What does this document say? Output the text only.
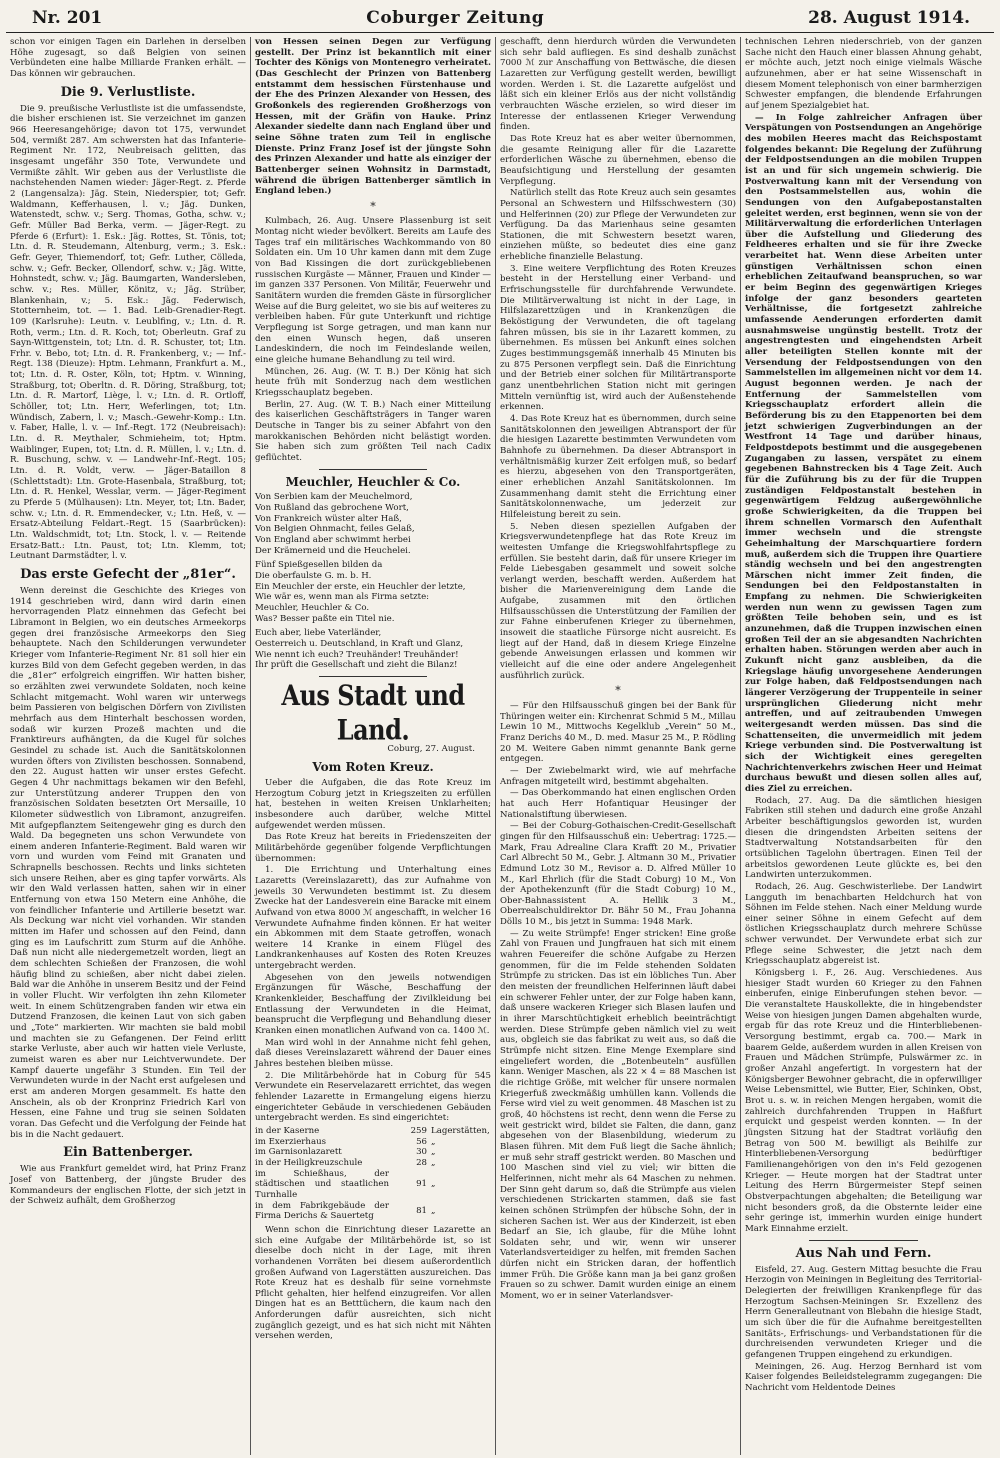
Nr. 201	Coburger Zeitung	28. August 1914.

schon vor einigen Tagen ein Darlehen in derselben Höhe zugesagt, so daß Belgien von seinen Verbündeten eine halbe Milliarde Franken erhält. — Das können wir gebrauchen.

Die 9. Verlustliste.

Die 9. preußische Verlustliste ist die umfassendste, die bisher erschienen ist. Sie verzeichnet im ganzen 966 Heeresangehörige; davon tot 175, verwundet 504, vermißt 287. Am schwersten hat das Infanterie-Regiment Nr. 172, Neubreisach gelitten, das insgesamt ungefähr 350 Tote, Verwundete und Vermißte zählt. Wir geben aus der Verlustliste die nachstehenden Namen wieder: Jäger-Regt. z. Pferde 2 (Langensalza): Jäg. Stein, Niederspier, tot; Gefr. Waldmann, Kefferhausen, l. v.; Jäg. Dunken, Watenstedt, schw. v.; Serg. Thomas, Gotha, schw. v.; Gefr. Müller Bad Berka, verm. — Jäger-Regt. zu Pferde 6 (Erfurt): 1. Esk.: Jäg. Rottes, St. Tönis, tot; Ltn. d. R. Steudemann, Altenburg, verm.; 3. Esk.: Gefr. Geyer, Thiemendorf, tot; Gefr. Luther, Cölleda, schw. v.; Gefr. Becker, Ollendorf, schw. v.; Jäg. Witte, Hohnstedt, schw. v.; Jäg. Baumgarten, Wandersleben, schw. v.; Res. Müller, Könitz, v.; Jäg. Strüber, Blankenhain, v.; 5. Esk.: Jäg. Federwisch, Stotternheim, tot. — 1. Bad. Leib-Grenadier-Regt. 109 (Karlsruhe): Leutn. v. Leublfing, v.; Ltn. d. R. Roth, verm.; Ltn. d. R. Koch, tot; Oberleutn. Graf zu Sayn-Wittgenstein, tot; Ltn. d. R. Schuster, tot; Ltn. Frhr. v. Bebo, tot; Ltn. d. R. Frankenberg, v.; — Inf.-Regt. 138 (Dieuze): Hptm. Lehmann, Frankfurt a. M., tot; Ltn. d. R. Oster, Köln, tot; Hptm. v. Winning, Straßburg, tot; Oberltn. d. R. Döring, Straßburg, tot; Ltn. d. R. Martorf, Liège, l. v.; Ltn. d. R. Ortloff, Schöller, tot; Ltn. Herr, Weferlingen, tot; Ltn. Wündisch, Zabern, l. v.; Masch.-Gewehr-Komp.: Ltn. v. Faber, Halle, l. v. — Inf.-Regt. 172 (Neubreisach): Ltn. d. R. Meythaler, Schmieheim, tot; Hptm. Waiblinger, Eupen, tot; Ltn. d. R. Müllen, l. v.; Ltn. d. R. Buschung, schw. v. — Landwehr-Inf.-Regt. 105; Ltn. d. R. Voldt, verw. — Jäger-Bataillon 8 (Schlettstadt): Ltn. Grote-Hasenbala, Straßburg, tot; Ltn. d. R. Henkel, Wesslar, verm. — Jäger-Regiment zu Pferde 5 (Mülhausen): Ltn. Meyer, tot; Ltn. Bader, schw. v.; Ltn. d. R. Emmendecker, v.; Ltn. Heß, v. — Ersatz-Abteilung Feldart.-Regt. 15 (Saarbrücken): Ltn. Waldschmidt, tot; Ltn. Stock, l. v. — Reitende Ersatz-Batt.: Ltn. Paust, tot; Ltn. Klemm, tot; Leutnant Darmstädter, l. v.

Das erste Gefecht der „81er“.

Wenn dereinst die Geschichte des Krieges von 1914 geschrieben wird, dann wird darin einen hervorragenden Platz einnehmen das Gefecht bei Libramont in Belgien, wo ein deutsches Armeekorps gegen drei französische Armeekorps den Sieg behauptete. Nach den Schilderungen verwundeter Krieger vom Infanterie-Regiment Nr. 81 soll hier ein kurzes Bild von dem Gefecht gegeben werden, in das die „81er“ erfolgreich eingriffen. Wir hatten bisher, so erzählten zwei verwundete Soldaten, noch keine Schlacht mitgemacht. Wohl waren wir unterwegs beim Passieren von belgischen Dörfern von Zivilisten mehrfach aus dem Hinterhalt beschossen worden, sodaß wir kurzen Prozeß machten und die Franktireurs aufhängten, da die Kugel für solches Gesindel zu schade ist. Auch die Sanitätskolonnen wurden öfters von Zivilisten beschossen. Sonnabend, den 22. August hatten wir unser erstes Gefecht. Gegen 4 Uhr nachmittags bekamen wir den Befehl, zur Unterstützung anderer Truppen den von französischen Soldaten besetzten Ort Mersaille, 10 Kilometer südwestlich von Libramont, anzugreifen. Mit aufgepflanztem Seitengewehr ging es durch den Wald. Da begegneten uns schon Verwundete von einem anderen Infanterie-Regiment. Bald waren wir vorn und wurden vom Feind mit Granaten und Schrapnells beschossen. Rechts und links sichteten sich unsere Reihen, aber es ging tapfer vorwärts. Als wir den Wald verlassen hatten, sahen wir in einer Entfernung von etwa 150 Metern eine Anhöhe, die von feindlicher Infanterie und Artillerie besetzt war. Als Deckung war nicht viel vorhanden. Wir standen mitten im Hafer und schossen auf den Feind, dann ging es im Laufschritt zum Sturm auf die Anhöhe. Daß nun nicht alle niedergemetzelt worden, liegt an dem schlechten Schießen der Franzosen, die wohl häufig blind zu schießen, aber nicht dabei zielen. Bald war die Anhöhe in unserem Besitz und der Feind in voller Flucht. Wir verfolgten ihn zehn Kilometer weit. In einem Schützengraben fanden wir etwa ein Dutzend Franzosen, die keinen Laut von sich gaben und „Tote“ markierten. Wir machten sie bald mobil und machten sie zu Gefangenen. Der Feind erlitt starke Verluste, aber auch wir hatten viele Verluste, zumeist waren es aber nur Leichtverwundete. Der Kampf dauerte ungefähr 3 Stunden. Ein Teil der Verwundeten wurde in der Nacht erst aufgelesen und erst am anderen Morgen gesammelt. Es hatte den Anschein, als ob der Kronprinz Friedrich Karl von Hessen, eine Fahne und trug sie seinen Soldaten voran. Das Gefecht und die Verfolgung der Feinde hat bis in die Nacht gedauert.

Ein Battenberger.

Wie aus Frankfurt gemeldet wird, hat Prinz Franz Josef von Battenberg, der jüngste Bruder des Kommandeurs der englischen Flotte, der sich jetzt in der Schweiz aufhält, dem Großherzog

von Hessen seinen Degen zur Verfügung gestellt. Der Prinz ist bekanntlich mit einer Tochter des Königs von Montenegro verheiratet. (Das Geschlecht der Prinzen von Battenberg entstammt dem hessischen Fürstenhause und der Ehe des Prinzen Alexander von Hessen, des Großonkels des regierenden Großherzogs von Hessen, mit der Gräfin von Hauke. Prinz Alexander siedelte dann nach England über und seine Söhne traten zum Teil in englische Dienste. Prinz Franz Josef ist der jüngste Sohn des Prinzen Alexander und hatte als einziger der Battenberger seinen Wohnsitz in Darmstadt, während die übrigen Battenberger sämtlich in England leben.)

*

Kulmbach, 26. Aug. Unsere Plassenburg ist seit Montag nicht wieder bevölkert. Bereits am Laufe des Tages traf ein militärisches Wachkommando von 80 Soldaten ein. Um 10 Uhr kamen dann mit dem Zuge von Bad Kissingen die dort zurückgebliebenen russischen Kurgäste — Männer, Frauen und Kinder — im ganzen 337 Personen. Von Militär, Feuerwehr und Sanitätern wurden die fremden Gäste in fürsorglicher Weise auf die Burg geleitet, wo sie bis auf weiteres zu verbleiben haben. Für gute Unterkunft und richtige Verpflegung ist Sorge getragen, und man kann nur den einen Wunsch hegen, daß unseren Landeskindern, die noch im Feindeslande weilen, eine gleiche humane Behandlung zu teil wird.

München, 26. Aug. (W. T. B.) Der König hat sich heute früh mit Sonderzug nach dem westlichen Kriegsschauplatz begeben.

Berlin, 27. Aug. (W. T. B.) Nach einer Mitteilung des kaiserlichen Geschäftsträgers in Tanger waren Deutsche in Tanger bis zu seiner Abfahrt von den marokkanischen Behörden nicht belästigt worden. Sie haben sich zum größten Teil nach Cadix geflüchtet.

Meuchler, Heuchler & Co.

Von Serbien kam der Meuchelmord,

Von Rußland das gebrochene Wort,

Von Frankreich wüster alter Haß,

Von Belgien Ohnmacht, feiles Gelaß,

Von England aber schwimmt herbei

Der Krämerneid und die Heuchelei.

Fünf Spießgesellen bilden da

Die oberfaulste G. m. b. H.

Ein Meuchler der erste, ein Heuchler der letzte,

Wie wär es, wenn man als Firma setzte:

Meuchler, Heuchler & Co.

Was? Besser paßte ein Titel nie.

Euch aber, liebe Vaterländer,

Oesterreich u. Deutschland, in Kraft und Glanz,

Wie nennt ich euch? Treuhänder! Treuhänder!

Ihr prüft die Gesellschaft und zieht die Bilanz!

Aus Stadt und Land.
Coburg, 27. August.
Vom Roten Kreuz.

Ueber die Aufgaben, die das Rote Kreuz im Herzogtum Coburg jetzt in Kriegszeiten zu erfüllen hat, bestehen in weiten Kreisen Unklarheiten; insbesondere auch darüber, welche Mittel aufgewendet werden müssen.

Das Rote Kreuz hat bereits in Friedenszeiten der Militärbehörde gegenüber folgende Verpflichtungen übernommen:

1. Die Errichtung und Unterhaltung eines Lazaretts (Vereinslazarett), das zur Aufnahme von jeweils 30 Verwundeten bestimmt ist. Zu diesem Zwecke hat der Landesverein eine Baracke mit einem Aufwand von etwa 8000 ℳ angeschafft, in welcher 16 Verwundete Aufnahme finden können. Er hat weiter ein Abkommen mit dem Staate getroffen, wonach weitere 14 Kranke in einem Flügel des Landkrankenhauses auf Kosten des Roten Kreuzes untergebracht werden.

Abgesehen von den jeweils notwendigen Ergänzungen für Wäsche, Beschaffung der Krankenkleider, Beschaffung der Zivilkleidung bei Entlassung der Verwundeten in die Heimat, beansprucht die Verpflegung und Behandlung dieser Kranken einen monatlichen Aufwand von ca. 1400 ℳ.

Man wird wohl in der Annahme nicht fehl gehen, daß dieses Vereinslazarett während der Dauer eines Jahres bestehen bleiben müsse.

2. Die Militärbehörde hat in Coburg für 545 Verwundete ein Reservelazarett errichtet, das wegen fehlender Lazarette in Ermangelung eigens hierzu eingerichteter Gebäude in verschiedenen Gebäuden untergebracht werden. Es sind eingerichtet:

in der Kaserne	259	Lagerstätten,
im Exerzierhaus	56	„
im Garnisonlazarett	30	„
in der Heiligkreuzschule	28	„
im Schießhaus, der städtischen und staatlichen Turnhalle	91	„
in dem Fabrikgebäude der Firma Derichs & Sauertetg	81	„

Wenn schon die Einrichtung dieser Lazarette an sich eine Aufgabe der Militärbehörde ist, so ist dieselbe doch nicht in der Lage, mit ihren vorhandenen Vorräten bei diesem außerordentlich großen Aufwand von Lagerstätten auszureichen. Das Rote Kreuz hat es deshalb für seine vornehmste Pflicht gehalten, hier helfend einzugreifen. Vor allen Dingen hat es an Betttüchern, die kaum nach den Anforderungen dafür ausreichten, sich nicht zugänglich gezeigt, und es hat sich nicht mit Nähten versehen werden,

geschafft, denn hierdurch würden die Verwundeten sich sehr bald aufliegen. Es sind deshalb zunächst 7000 ℳ zur Anschaffung von Bettwäsche, die diesen Lazaretten zur Verfügung gestellt werden, bewilligt worden. Werden i. St. die Lazarette aufgelöst und läßt sich ein kleiner Erlös aus der nicht vollständig verbrauchten Wäsche erzielen, so wird dieser im Interesse der entlassenen Krieger Verwendung finden.

Das Rote Kreuz hat es aber weiter übernommen, die gesamte Reinigung aller für die Lazarette erforderlichen Wäsche zu übernehmen, ebenso die Beaufsichtigung und Herstellung der gesamten Verpflegung.

Natürlich stellt das Rote Kreuz auch sein gesamtes Personal an Schwestern und Hilfsschwestern (30) und Helferinnen (20) zur Pflege der Verwundeten zur Verfügung. Da das Marienhaus seine gesamten Stationen, die mit Schwestern besetzt waren, einziehen müßte, so bedeutet dies eine ganz erhebliche finanzielle Belastung.

3. Eine weitere Verpflichtung des Roten Kreuzes besteht in der Herstellung einer Verband- und Erfrischungsstelle für durchfahrende Verwundete. Die Militärverwaltung ist nicht in der Lage, in Hilfslazarettzügen und in Krankenzügen die Beköstigung der Verwundeten, die oft tagelang fahren müssen, bis sie in ihr Lazarett kommen, zu übernehmen. Es müssen bei Ankunft eines solchen Zuges bestimmungsgemäß innerhalb 45 Minuten bis zu 875 Personen verpflegt sein. Daß die Einrichtung und der Betrieb einer solchen für Militärtransporte ganz unentbehrlichen Station nicht mit geringen Mitteln vernünftig ist, wird auch der Außenstehende erkennen.

4. Das Rote Kreuz hat es übernommen, durch seine Sanitätskolonnen den jeweiligen Abtransport der für die hiesigen Lazarette bestimmten Verwundeten vom Bahnhofe zu übernehmen. Da dieser Abtransport in verhältnismäßig kurzer Zeit erfolgen muß, so bedarf es hierzu, abgesehen von den Transportgeräten, einer erheblichen Anzahl Sanitätskolonnen. Im Zusammenhang damit steht die Errichtung einer Sanitätskolonnenwache, um jederzeit zur Hilfeleistung bereit zu sein.

5. Neben diesen speziellen Aufgaben der Kriegsverwundetenpflege hat das Rote Kreuz im weitesten Umfange die Kriegswohlfahrtspflege zu erfüllen. Sie besteht darin, daß für unsere Krieger im Felde Liebesgaben gesammelt und soweit solche verlangt werden, beschafft werden. Außerdem hat bisher die Marienvereinigung dem Lande die Aufgabe, zusammen mit den örtlichen Hilfsausschüssen die Unterstützung der Familien der zur Fahne einberufenen Krieger zu übernehmen, insoweit die staatliche Fürsorge nicht ausreicht. Es liegt auf der Hand, daß in diesem Kriege Einzelne gebende Anweisungen erlassen und kommen wir vielleicht auf die eine oder andere Angelegenheit ausführlich zurück.

*

— Für den Hilfsausschuß gingen bei der Bank für Thüringen weiter ein: Kirchenrat Schmid 5 M., Millau Lewin 10 M., Mittwochs Kegelklub „Verein“ 50 M., Franz Derichs 40 M., D. med. Masur 25 M., P. Rödling 20 M. Weitere Gaben nimmt genannte Bank gerne entgegen.

— Der Zwiebelmarkt wird, wie auf mehrfache Anfragen mitgeteilt wird, bestimmt abgehalten.

— Das Oberkommando hat einen englischen Orden hat auch Herr Hofantiquar Heusinger der Nationalstiftung überwiesen.

— Bei der Coburg-Gothaischen-Credit-Gesellschaft gingen für den Hilfsausschuß ein: Uebertrag: 1725.— Mark, Frau Adrealine Clara Krafft 20 M., Privatier Carl Albrecht 50 M., Gebr. J. Altmann 30 M., Privatier Edmund Lotz 30 M., Revisor a. D. Alfred Müller 10 M., Karl Ehrlich (für die Stadt Coburg) 10 M., Von der Apothekenzunft (für die Stadt Coburg) 10 M., Ober-Bahnassistent A. Hellik 3 M., Oberrealschuldirektor Dr. Bähr 50 M., Frau Johanna Dölls 10 M., bis jetzt in Summa: 1948 Mark.

— Zu weite Strümpfe! Enger stricken! Eine große Zahl von Frauen und Jungfrauen hat sich mit einem wahren Feuereifer die schöne Aufgabe zu Herzen genommen, für die im Felde stehenden Soldaten Strümpfe zu stricken. Das ist ein löbliches Tun. Aber den meisten der freundlichen Helferinnen läuft dabei ein schwerer Fehler unter, der zur Folge haben kann, daß unsere wackeren Krieger sich Blasen laufen und in ihrer Marschtüchtigkeit erheblich beeinträchtigt werden. Diese Strümpfe geben nämlich viel zu weit aus, obgleich sie das fabrikat zu weit aus, so daß die Strümpfe nicht sitzen. Eine Menge Exemplare sind eingeliefert worden, die „Botenbeuteln“ ausfüllen kann. Weniger Maschen, als 22 × 4 = 88 Maschen ist die richtige Größe, mit welcher für unsere normalen Kriegerfuß zweckmäßig umhüllen kann. Vollends die Ferse wird viel zu weit genommen. 48 Maschen ist zu groß, 40 höchstens ist recht, denn wenn die Ferse zu weit gestrickt wird, bildet sie Falten, die dann, ganz abgesehen von der Blasenbildung, wiederum zu Blasen führen. Mit dem Fuß liegt die Sache ähnlich; er muß sehr straff gestrickt werden. 80 Maschen und 100 Maschen sind viel zu viel; wir bitten die Helferinnen, nicht mehr als 64 Maschen zu nehmen. Der Sinn geht darum so, daß die Strümpfe aus vielen verschiedenen Strickarten stammen, daß sie fast keinen schönen Strümpfen der hübsche Sohn, der in sicheren Sachen ist. Wer aus der Kinderzeit, ist eben Bedarf an Sie, ich glaube, für die Mühe lohnt Soldaten sehr, und wir, wenn wir unserer Vaterlandsverteidiger zu helfen, mit fremden Sachen dürfen nicht ein Stricken daran, der hoffentlich immer Früh. Die Größe kann man ja bei ganz großen Frauen so zu schwer. Damit wurden einige an einem Moment, wo er in seiner Vaterlandsver-

technischen Lehren niederschrieb, von der ganzen Sache nicht den Hauch einer blassen Ahnung gehabt, er möchte auch, jetzt noch einige vielmals Wäsche aufzunehmen, aber er hat seine Wissenschaft in diesem Moment telephonisch von einer barmherzigen Schwester empfangen, die blendende Erfahrungen auf jenem Spezialgebiet hat.

— In Folge zahlreicher Anfragen über Verspätungen von Postsendungen an Angehörige des mobilen Heeres macht das Reichspostamt folgendes bekannt: Die Regelung der Zuführung der Feldpostsendungen an die mobilen Truppen ist an und für sich ungemein schwierig. Die Postverwaltung kann mit der Versendung von den Postsammelstellen aus, wohin die Sendungen von den Aufgabepostanstalten geleitet werden, erst beginnen, wenn sie von der Militärverwaltung die erforderlichen Unterlagen über die Aufstellung und Gliederung des Feldheeres erhalten und sie für ihre Zwecke verarbeitet hat. Wenn diese Arbeiten unter günstigen Verhältnissen schon einen erheblichen Zeitaufwand beanspruchen, so war er beim Beginn des gegenwärtigen Krieges infolge der ganz besonders gearteten Verhältnisse, die fortgesetzt zahlreiche umfassende Aenderungen erforderten damit ausnahmsweise ungünstig bestellt. Trotz der angestrengtesten und eingehendsten Arbeit aller beteiligten Stellen konnte mit der Versendung der Feldpostsendungen von den Sammelstellen im allgemeinen nicht vor dem 14. August begonnen werden. Je nach der Entfernung der Sammelstellen vom Kriegsschauplatz erfordert allein die Beförderung bis zu den Etappenorten bei dem jetzt schwierigen Zugverbindungen an der Westfront 14 Tage und darüber hinaus, Feldpostdepots bestimmt und die ausgegebenen Zugangaben zu lassen, verspätet zu einem gegebenen Bahnstrecken bis 4 Tage Zeit. Auch für die Zuführung bis zu der für die Truppen zuständigen Feldpostanstalt bestehen in gegenwärtigem Feldzug außergewöhnliche große Schwierigkeiten, da die Truppen bei ihrem schnellen Vormarsch den Aufenthalt immer wechseln und die strengste Geheimhaltung der Marschquartiere fordern muß, außerdem sich die Truppen ihre Quartiere ständig wechseln und bei den angestrengten Märschen nicht immer Zeit finden, die Sendungen bei den Feldpostanstalten in Empfang zu nehmen. Die Schwierigkeiten werden nun wenn zu gewissen Tagen zum größten Teile behoben sein, und es ist anzunehmen, daß die Truppen inzwischen einen großen Teil der an sie abgesandten Nachrichten erhalten haben. Störungen werden aber auch in Zukunft nicht ganz ausbleiben, da die Kriegslage häufig unvorgesehene Aenderungen zur Folge haben, daß Feldpostsendungen nach längerer Verzögerung der Truppenteile in seiner ursprünglichen Gliederung nicht mehr antreffen, und auf zeitraubenden Umwegen weitergesandt werden müssen. Das sind die Schattenseiten, die unvermeidlich mit jedem Kriege verbunden sind. Die Postverwaltung ist sich der Wichtigkeit eines geregelten Nachrichtenverkehrs zwischen Heer und Heimat durchaus bewußt und diesen sollen alles auf, dies Ziel zu erreichen.

Rodach, 27. Aug. Da die sämtlichen hiesigen Fabriken still stehen und dadurch eine große Anzahl Arbeiter beschäftigungslos geworden ist, wurden diesen die dringendsten Arbeiten seitens der Stadtverwaltung Notstandsarbeiten für den ortsüblichen Tagelohn übertragen. Einen Teil der arbeitslos gewordenen Leute glückte es, bei den Landwirten unterzukommen.

Rodach, 26. Aug. Geschwisterliebe. Der Landwirt Langguth im benachbarten Heldchurch hat von Söhnen im Felde stehen. Nach einer Meldung wurde einer seiner Söhne in einem Gefecht auf dem östlichen Kriegsschauplatz durch mehrere Schüsse schwer verwundet. Der Verwundete erbat sich zur Pflege seine Schwester, die jetzt nach dem Kriegsschauplatz abgereist ist.

Königsberg i. F., 26. Aug. Verschiedenes. Aus hiesiger Stadt wurden 60 Krieger zu den Fahnen einberufen, einige Einberufungen stehen bevor. — Die veranstaltete Hauskollekte, die in hingebendster Weise von hiesigen jungen Damen abgehalten wurde, ergab für das rote Kreuz und die Hinterbliebenen-Versorgung bestimmt, ergab ca. 700.— Mark in baarem Gelde, außerdem wurden in allen Kreisen von Frauen und Mädchen Strümpfe, Pulswärmer zc. in großer Anzahl angefertigt. In vorgestern hat der Königsberger Bewohner gebracht, die in opferwilliger Weise Lebensmittel, wie Butter, Eier, Schinken, Obst, Brot u. s. w. in reichen Mengen hergaben, womit die zahlreich durchfahrenden Truppen in Haßfurt erquickt und gespeist werden konnten. — In der jüngsten Sitzung hat der Stadtrat vorläufig den Betrag von 500 M. bewilligt als Beihilfe zur Hinterbliebenen-Versorgung bedürftiger Familienangehörigen von den in's Feld gezogenen Krieger. — Heute morgen hat der Stadtrat unter Leitung des Herrn Bürgermeister Stepf seinen Obstverpachtungen abgehalten; die Beteiligung war nicht besonders groß, da die Obsternte leider eine sehr geringe ist, immerhin wurden einige hundert Mark Einnahme erzielt.

Aus Nah und Fern.

Eisfeld, 27. Aug. Gestern Mittag besuchte die Frau Herzogin von Meiningen in Begleitung des Territorial-Delegierten der freiwilligen Krankenpflege für das Herzogtum Sachsen-Meiningen Sr. Exzellenz des Herrn Generalleutnant von Blebahn die hiesige Stadt, um sich über die für die Aufnahme bereitgestellten Sanitäts-, Erfrischungs- und Verbandstationen für die durchreisenden verwundeten Krieger und die gefangenen Truppen eingehend zu erkundigen.

Meiningen, 26. Aug. Herzog Bernhard ist vom Kaiser folgendes Beileidstelegramm zugegangen: Die Nachricht vom Heldentode Deines
